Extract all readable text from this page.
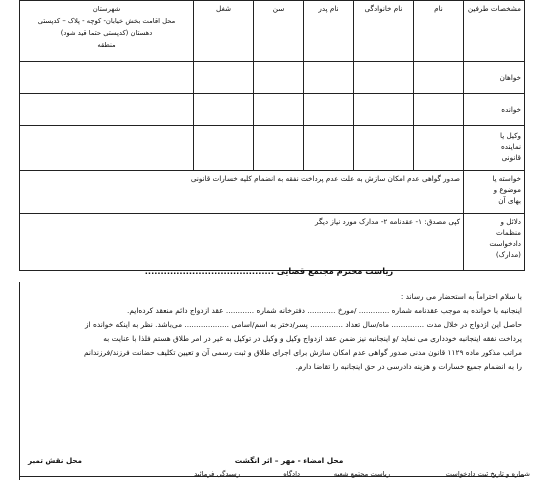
مشخصات طرفین	نام	نام خانوادگی	نام پدر	سن	شغل	شهرستان
محل اقامت بخش خیابان- کوچه - پلاک – کدپستی
دهستان (کدپستی حتما قید شود)
منطقه

خواهان						
خوانده						

وکیل یا
نماینده
قانونی						

خواسته یا
موضوع و
بهای آن	صدور گواهی عدم امکان سازش به علت عدم پرداخت نفقه به انضمام کلیه خسارات قانونی					

دلائل و
منظمات
دادخواست
(مدارک)	کپی مصدق: ۱- عقدنامه ۲- مدارک مورد نیاز دیگر					
ریاست محترم مجتمع قضایی .........................................

با سلام احتراماً به استحضار می رساند :

اینجانبه با خوانده به موجب عقدنامه شماره ............. /مورخ ............ دفترخانه شماره ............ عقد ازدواج دائم منعقد کرده‌ایم.

حاصل این ازدواج در خلال مدت .............. ماه/سال تعداد .............. پسر/دختر به اسم/اسامی ................... می‌باشد. نظر به اینکه خوانده از

پرداخت نفقه اینجانبه خودداری می نماید /و اینجانبه نیز ضمن عقد ازدواج وکیل و وکیل در توکیل به غیر در امر طلاق هستم فلذا با عنایت به

مراتب مذکور ماده ۱۱۲۹ قانون مدنی صدور گواهی عدم امکان سازش برای اجرای طلاق و ثبت رسمی آن و تعیین تکلیف حضانت فرزند/فرزندانم

را به انضمام جمیع خسارات و هزینه دادرسی در حق اینجانبه را تقاضا دارم.

محل نقش تمبر	محل امضاء - مهر – اثر انگشت
شماره و تاریخ ثبت دادخواست
ریاست مجتمع شعبه
دادگاه
رسیدگی فرمائید
